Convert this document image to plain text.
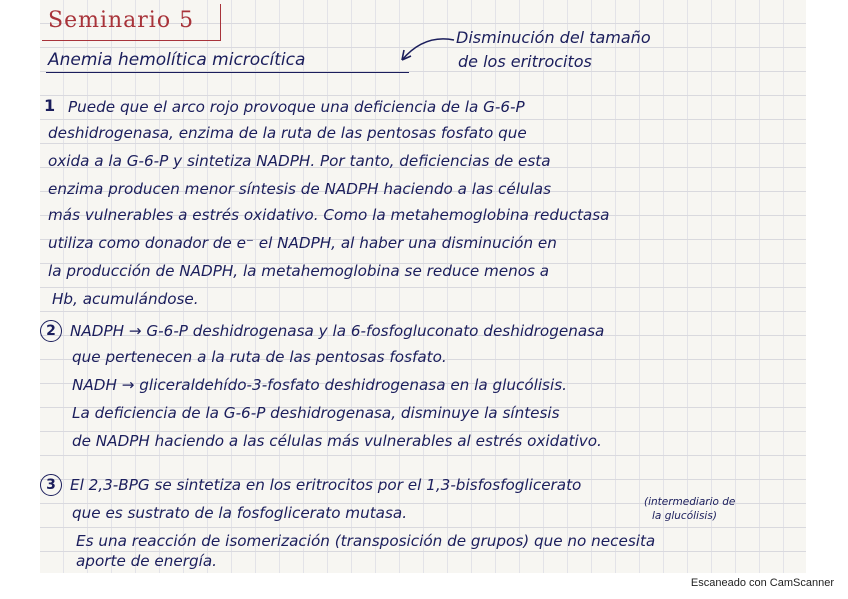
Seminario 5
Anemia hemolítica microcítica
Disminución del tamaño
de los eritrocitos
1 Puede que el arco rojo provoque una deficiencia de la G-6-P
deshidrogenasa, enzima de la ruta de las pentosas fosfato que
oxida a la G-6-P y sintetiza NADPH. Por tanto, deficiencias de esta
enzima producen menor síntesis de NADPH haciendo a las células
más vulnerables a estrés oxidativo. Como la metahemoglobina reductasa
utiliza como donador de e⁻ el NADPH, al haber una disminución en
la producción de NADPH, la metahemoglobina se reduce menos a
Hb, acumulándose.
2 NADPH → G-6-P deshidrogenasa y la 6-fosfogluconato deshidrogenasa
que pertenecen a la ruta de las pentosas fosfato.
NADH → gliceraldehído-3-fosfato deshidrogenasa en la glucólisis.
La deficiencia de la G-6-P deshidrogenasa, disminuye la síntesis
de NADPH haciendo a las células más vulnerables al estrés oxidativo.
3 El 2,3-BPG se sintetiza en los eritrocitos por el 1,3-bisfosfoglicerato
(intermediario de
la glucólisis)
que es sustrato de la fosfoglicerato mutasa.
Es una reacción de isomerización (transposición de grupos) que no necesita
aporte de energía.
Escaneado con CamScanner
